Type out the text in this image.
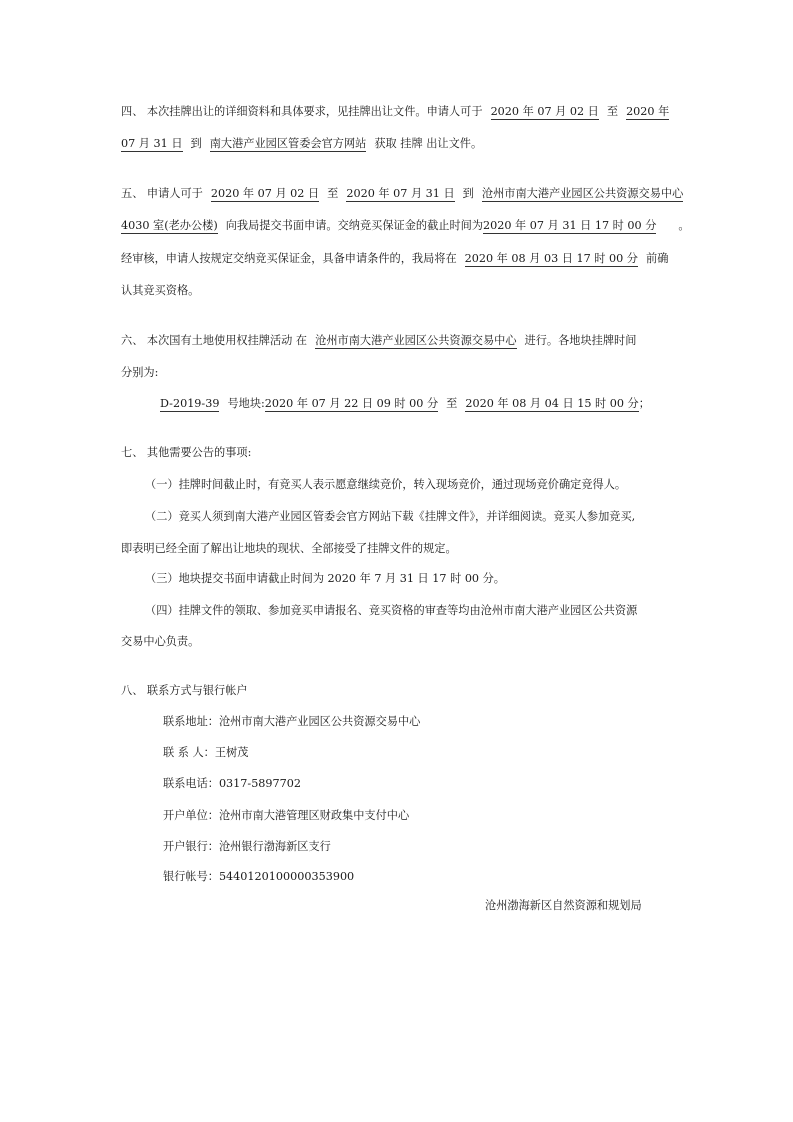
四、 本次挂牌出让的详细资料和具体要求，见挂牌出让文件。申请人可于 2020 年 07 月 02 日 至 2020 年
07 月 31 日 到 南大港产业园区管委会官方网站 获取 挂牌 出让文件。
五、 申请人可于 2020 年 07 月 02 日 至 2020 年 07 月 31 日 到 沧州市南大港产业园区公共资源交易中心
4030 室(老办公楼) 向我局提交书面申请。交纳竞买保证金的截止时间为2020 年 07 月 31 日 17 时 00 分 。
经审核，申请人按规定交纳竞买保证金，具备申请条件的，我局将在 2020 年 08 月 03 日 17 时 00 分 前确
认其竞买资格。
六、 本次国有土地使用权挂牌活动 在 沧州市南大港产业园区公共资源交易中心 进行。各地块挂牌时间
分别为:
D-2019-39 号地块:2020 年 07 月 22 日 09 时 00 分 至 2020 年 08 月 04 日 15 时 00 分；
七、 其他需要公告的事项:
（一）挂牌时间截止时，有竞买人表示愿意继续竞价，转入现场竞价，通过现场竞价确定竞得人。
（二）竞买人须到南大港产业园区管委会官方网站下载《挂牌文件》，并详细阅读。竞买人参加竞买,
即表明已经全面了解出让地块的现状、全部接受了挂牌文件的规定。
（三）地块提交书面申请截止时间为 2020 年 7 月 31 日 17 时 00 分。
（四）挂牌文件的领取、参加竞买申请报名、竞买资格的审查等均由沧州市南大港产业园区公共资源
交易中心负责。
八、 联系方式与银行帐户
联系地址：沧州市南大港产业园区公共资源交易中心
联 系 人：王树茂
联系电话：0317-5897702
开户单位：沧州市南大港管理区财政集中支付中心
开户银行：沧州银行渤海新区支行
银行帐号：544012010000035390​0
沧州渤海新区自然资源和规划局
